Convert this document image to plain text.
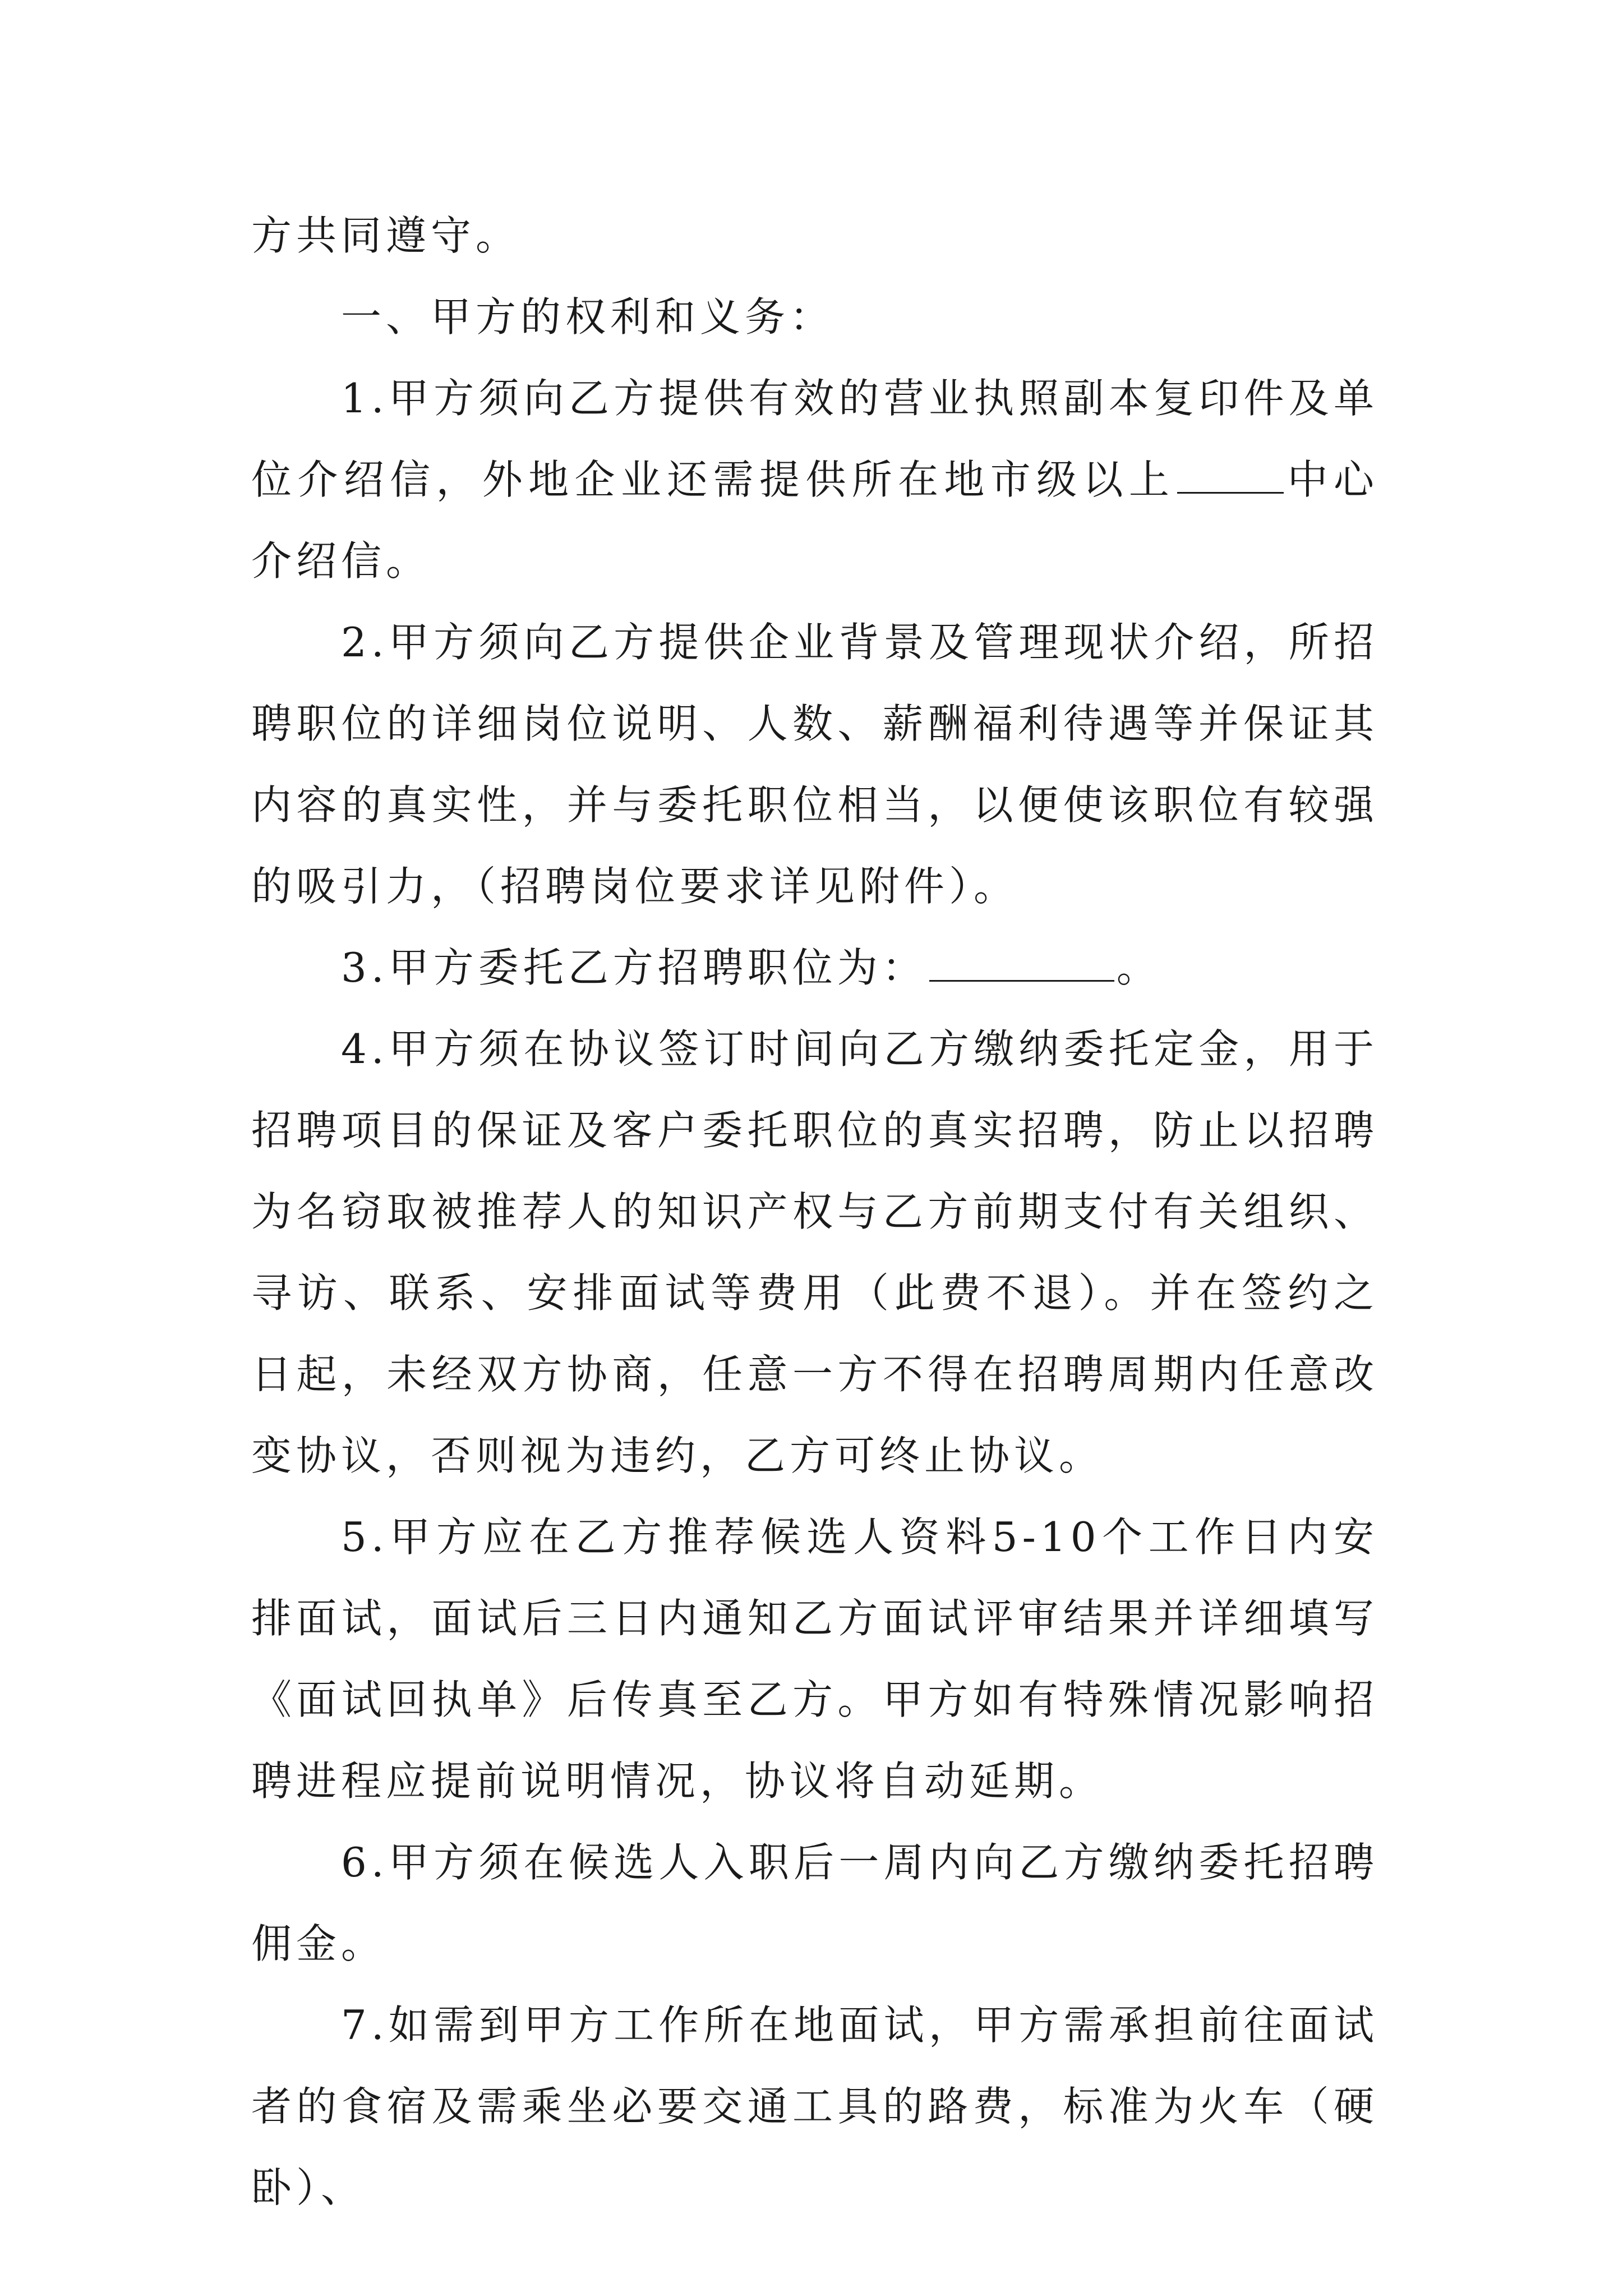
方共同遵守。

一、甲方的权利和义务：

1.甲方须向乙方提供有效的营业执照副本复印件及单位介绍信，外地企业还需提供所在地市级以上	中心介绍信。

2.甲方须向乙方提供企业背景及管理现状介绍，所招聘职位的详细岗位说明、人数、薪酬福利待遇等并保证其内容的真实性，并与委托职位相当，以便使该职位有较强的吸引力，（招聘岗位要求详见附件）。

3.甲方委托乙方招聘职位为：	。

4.甲方须在协议签订时间向乙方缴纳委托定金，用于招聘项目的保证及客户委托职位的真实招聘，防止以招聘为名窃取被推荐人的知识产权与乙方前期支付有关组织、寻访、联系、安排面试等费用（此费不退）。并在签约之日起，未经双方协商，任意一方不得在招聘周期内任意改变协议，否则视为违约，乙方可终止协议。

5.甲方应在乙方推荐候选人资料5-10个工作日内安排面试，面试后三日内通知乙方面试评审结果并详细填写《面试回执单》后传真至乙方。甲方如有特殊情况影响招聘进程应提前说明情况，协议将自动延期。

6.甲方须在候选人入职后一周内向乙方缴纳委托招聘佣金。

7.如需到甲方工作所在地面试，甲方需承担前往面试者的食宿及需乘坐必要交通工具的路费，标准为火车（硬卧）、
